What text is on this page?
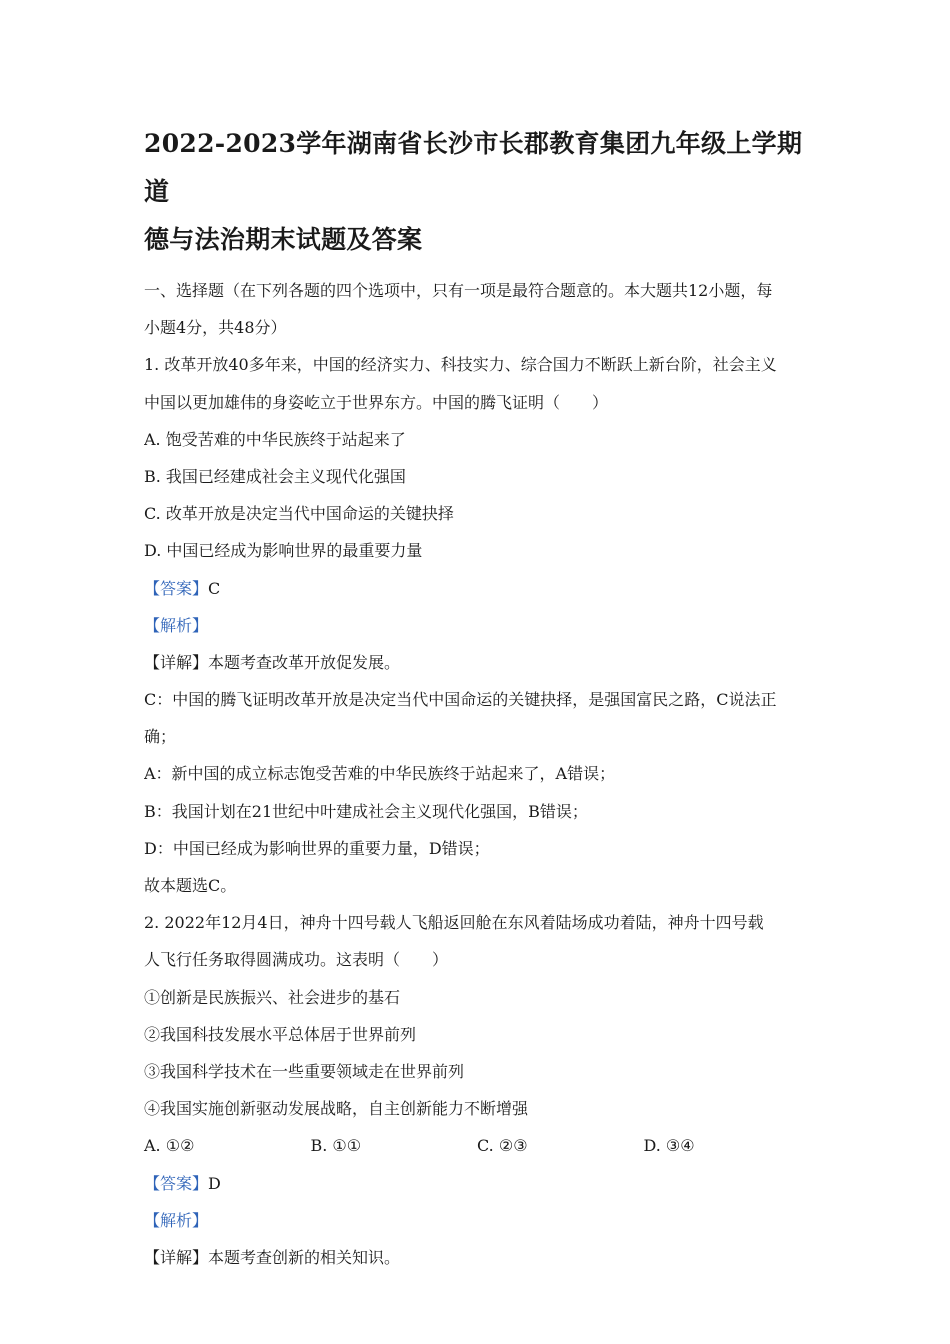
2022-2023学年湖南省长沙市长郡教育集团九年级上学期道
德与法治期末试题及答案
一、选择题（在下列各题的四个选项中，只有一项是最符合题意的。本大题共12小题，每
小题4分，共48分）
1. 改革开放40多年来，中国的经济实力、科技实力、综合国力不断跃上新台阶，社会主义
中国以更加雄伟的身姿屹立于世界东方。中国的腾飞证明（　　）
A. 饱受苦难的中华民族终于站起来了
B. 我国已经建成社会主义现代化强国
C. 改革开放是决定当代中国命运的关键抉择
D. 中国已经成为影响世界的最重要力量
【答案】C
【解析】
【详解】本题考查改革开放促发展。
C：中国的腾飞证明改革开放是决定当代中国命运的关键抉择，是强国富民之路，C说法正
确；
A：新中国的成立标志饱受苦难的中华民族终于站起来了，A错误；
B：我国计划在21世纪中叶建成社会主义现代化强国，B错误；
D：中国已经成为影响世界的重要力量，D错误；
故本题选C。
2. 2022年12月4日，神舟十四号载人飞船返回舱在东风着陆场成功着陆，神舟十四号载
人飞行任务取得圆满成功。这表明（　　）
①创新是民族振兴、社会进步的基石
②我国科技发展水平总体居于世界前列
③我国科学技术在一些重要领域走在世界前列
④我国实施创新驱动发展战略，自主创新能力不断增强
A. ①②	B. ①①	C. ②③	D. ③④
【答案】D
【解析】
【详解】本题考查创新的相关知识。
